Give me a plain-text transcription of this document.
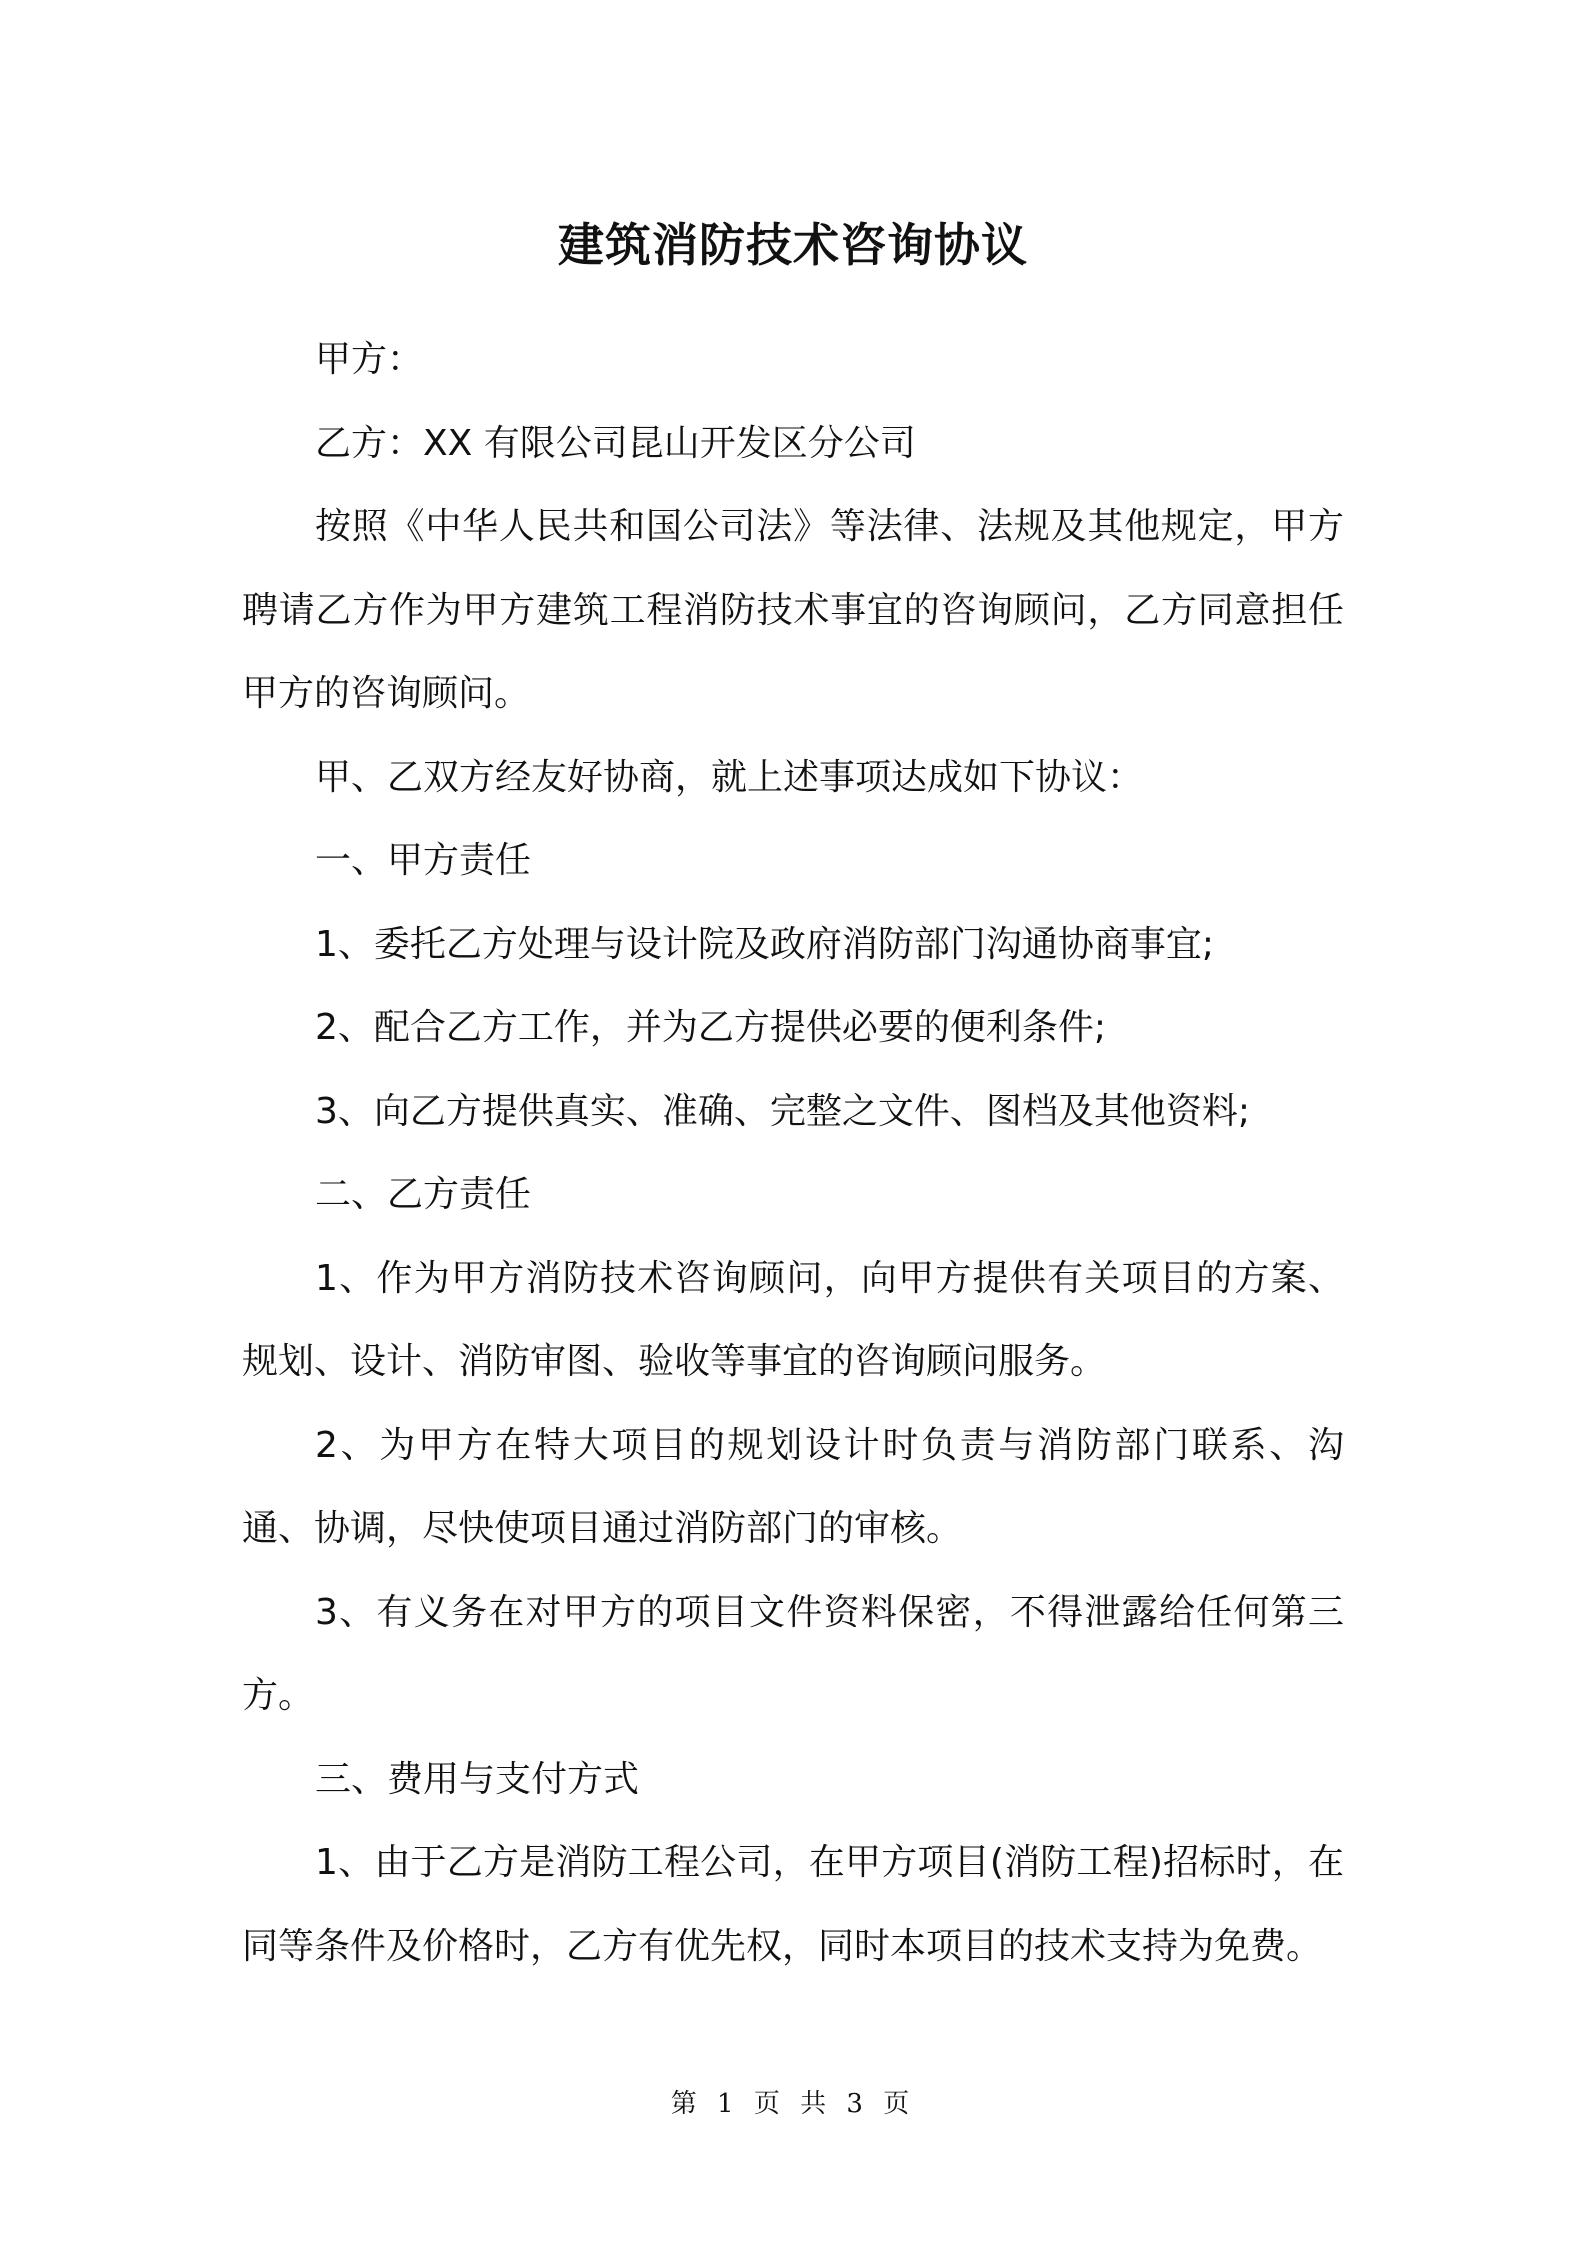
建筑消防技术咨询协议

甲方：

乙方：XX 有限公司昆山开发区分公司

按照《中华人民共和国公司法》等法律、法规及其他规定，甲方聘请乙方作为甲方建筑工程消防技术事宜的咨询顾问，乙方同意担任甲方的咨询顾问。

甲、乙双方经友好协商，就上述事项达成如下协议：

一、甲方责任

1、委托乙方处理与设计院及政府消防部门沟通协商事宜;

2、配合乙方工作，并为乙方提供必要的便利条件;

3、向乙方提供真实、准确、完整之文件、图档及其他资料;

二、乙方责任

1、作为甲方消防技术咨询顾问，向甲方提供有关项目的方案、规划、设计、消防审图、验收等事宜的咨询顾问服务。

2、为甲方在特大项目的规划设计时负责与消防部门联系、沟通、协调，尽快使项目通过消防部门的审核。

3、有义务在对甲方的项目文件资料保密，不得泄露给任何第三方。

三、费用与支付方式

1、由于乙方是消防工程公司，在甲方项目(消防工程)招标时，在同等条件及价格时，乙方有优先权，同时本项目的技术支持为免费。

第 1 页 共 3 页
